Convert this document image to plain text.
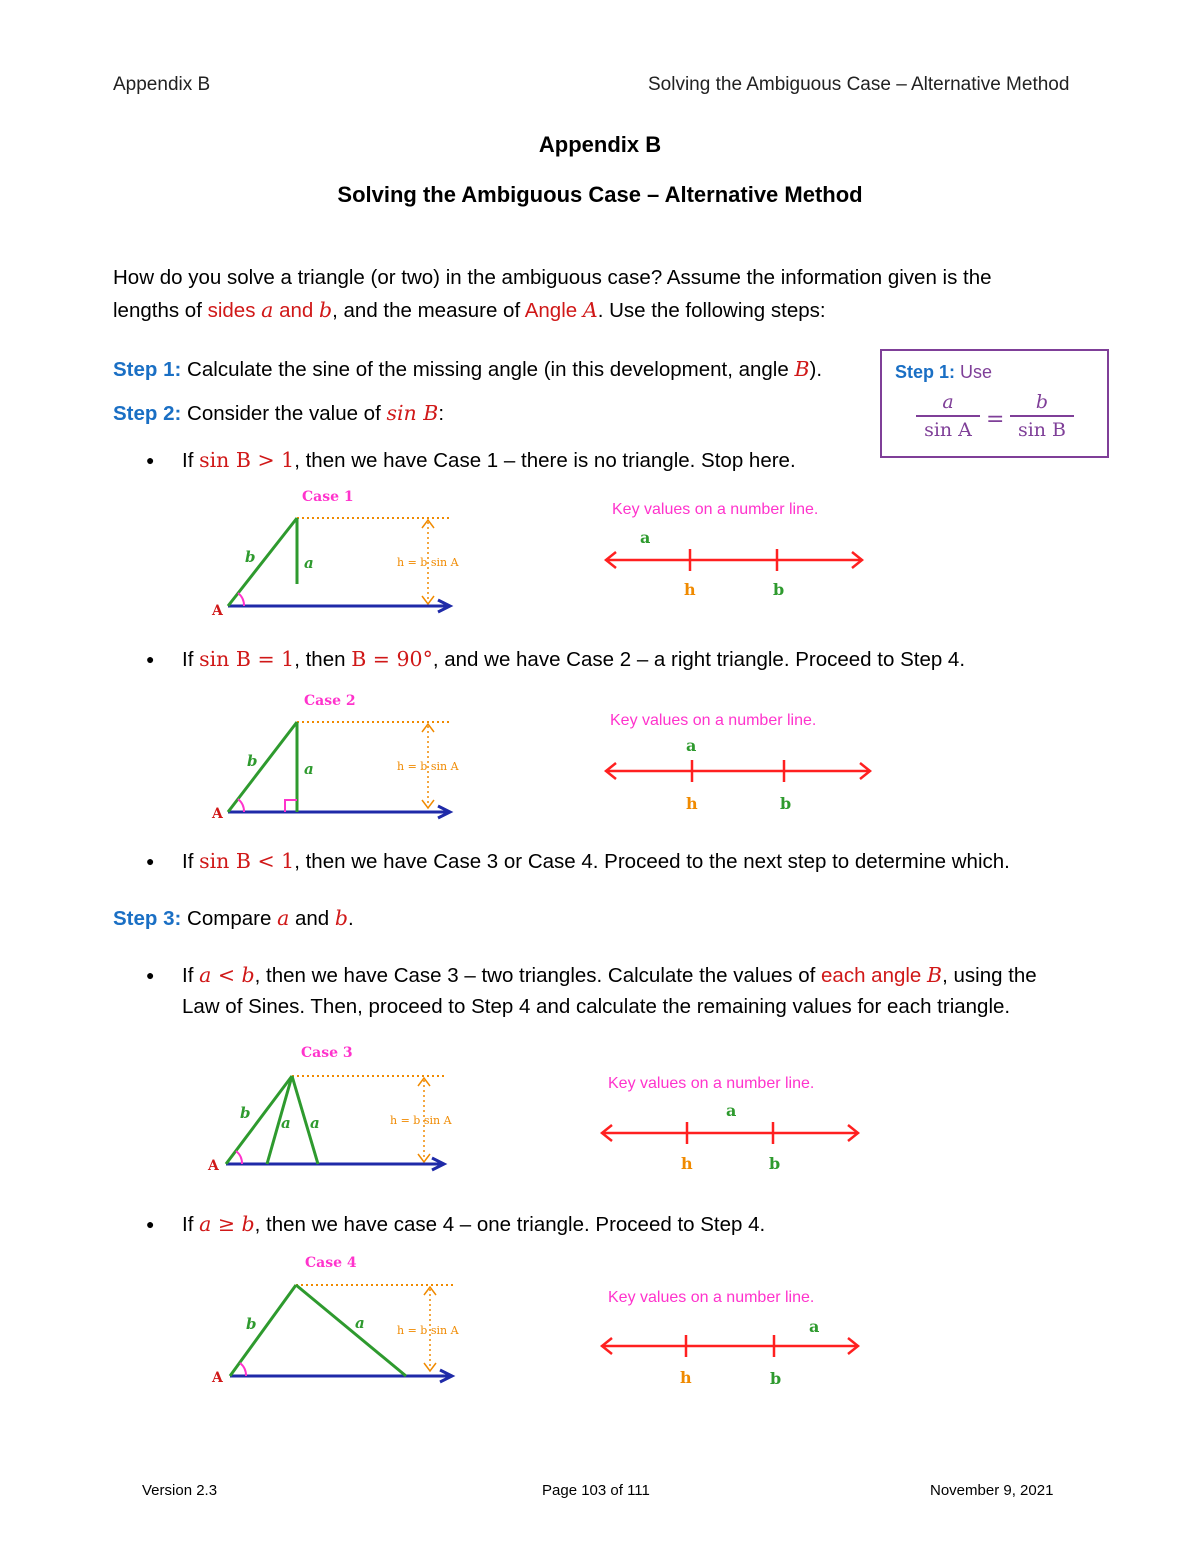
Appendix B	Solving the Ambiguous Case – Alternative Method
Appendix B
Solving the Ambiguous Case – Alternative Method
How do you solve a triangle (or two) in the ambiguous case? Assume the information given is the
lengths of sides a and b, and the measure of Angle A. Use the following steps:
Step 1: Calculate the sine of the missing angle (in this development, angle B).
Step 2: Consider the value of sin B:
Step 1: Use
$\frac{a}{\text{sin A}} = \frac{b}{\text{sin B}}$
● If sin B > 1, then we have Case 1 – there is no triangle. Stop here.
Case 1
h = b sin A
A
b	a
Key values on a number line.
a
h	b
● If sin B = 1, then B = 90°, and we have Case 2 – a right triangle. Proceed to Step 4.
Case 2
h = b sin A
A
b	a
Key values on a number line.
a
h	b
● If sin B < 1, then we have Case 3 or Case 4. Proceed to the next step to determine which.
Step 3: Compare a and b.
● If a < b, then we have Case 3 – two triangles. Calculate the values of each angle B, using the
Law of Sines. Then, proceed to Step 4 and calculate the remaining values for each triangle.
Case 3
h = b sin A
A
b
a a
Key values on a number line.
a
h	b
● If a ≥ b, then we have case 4 – one triangle. Proceed to Step 4.
Case 4
h = b sin A
A
b	a
Key values on a number line.
a
h	b
Version 2.3	Page 103 of 111	November 9, 2021
